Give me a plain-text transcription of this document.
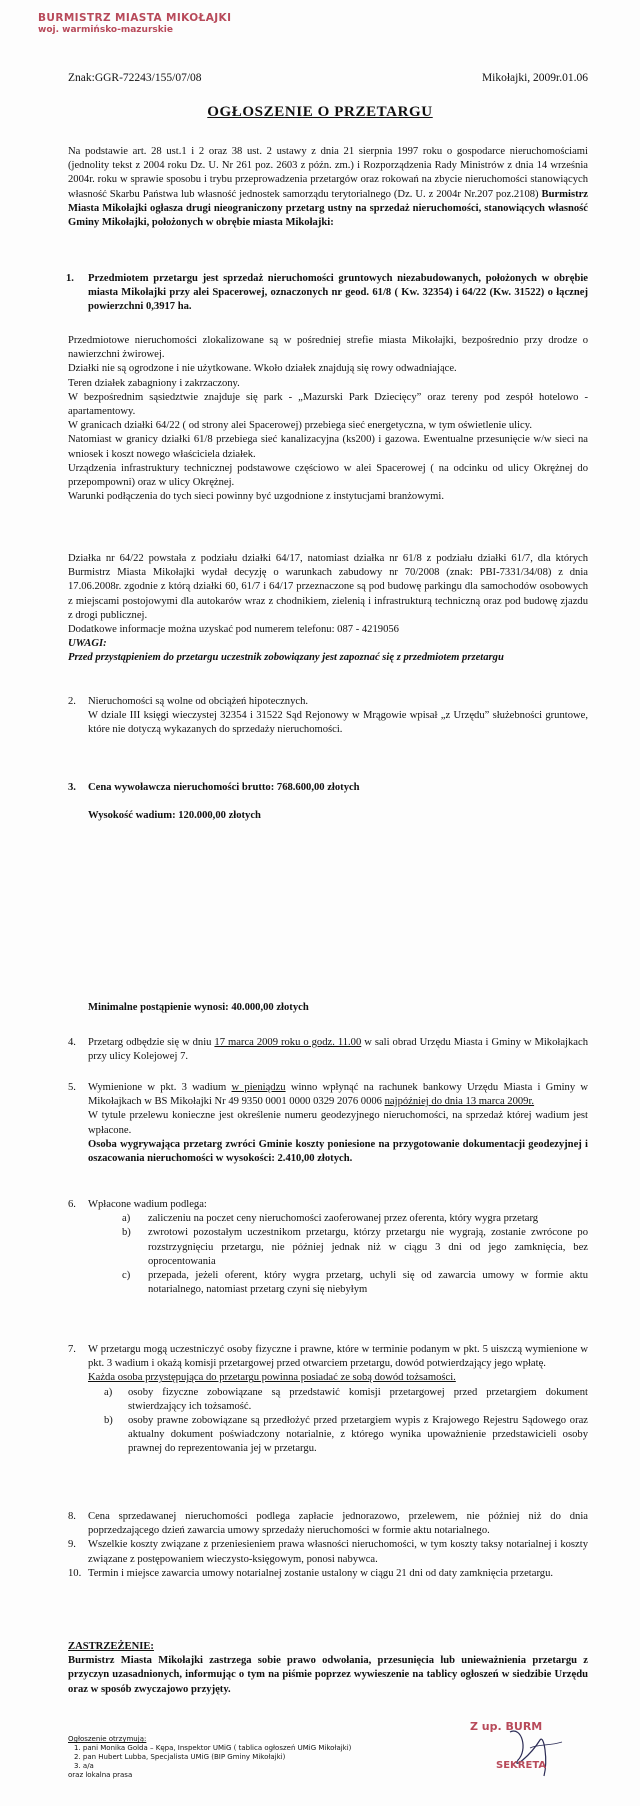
BURMISTRZ MIASTA MIKOŁAJKI
woj. warmińsko-mazurskie
Znak:GGR-72243/155/07/08	Mikołajki, 2009r.01.06
OGŁOSZENIE O PRZETARGU

Na podstawie art. 28 ust.1 i 2 oraz 38 ust. 2 ustawy z dnia 21 sierpnia 1997 roku o gospodarce nieruchomościami (jednolity tekst z 2004 roku Dz. U. Nr 261 poz. 2603 z późn. zm.) i Rozporządzenia Rady Ministrów z dnia 14 września 2004r. roku w sprawie sposobu i trybu przeprowadzenia przetargów oraz rokowań na zbycie nieruchomości stanowiących własność Skarbu Państwa lub własność jednostek samorządu terytorialnego (Dz. U. z 2004r Nr.207 poz.2108) Burmistrz Miasta Mikołajki ogłasza drugi nieograniczony przetarg ustny na sprzedaż nieruchomości, stanowiących własność Gminy Mikołajki, położonych w obrębie miasta Mikołajki:

1.	Przedmiotem przetargu jest sprzedaż nieruchomości gruntowych niezabudowanych, położonych w obrębie miasta Mikołajki przy alei Spacerowej, oznaczonych nr geod. 61/8 ( Kw. 32354) i 64/22 (Kw. 31522) o łącznej powierzchni 0,3917 ha.

Przedmiotowe nieruchomości zlokalizowane są w pośredniej strefie miasta Mikołajki, bezpośrednio przy drodze o nawierzchni żwirowej.
Działki nie są ogrodzone i nie użytkowane. Wkoło działek znajdują się rowy odwadniające.
Teren działek zabagniony i zakrzaczony.
W bezpośrednim sąsiedztwie znajduje się park - „Mazurski Park Dziecięcy” oraz tereny pod zespół hotelowo - apartamentowy.
W granicach działki 64/22 ( od strony alei Spacerowej) przebiega sieć energetyczna, w tym oświetlenie ulicy.
Natomiast w granicy działki 61/8 przebiega sieć kanalizacyjna (ks200) i gazowa. Ewentualne przesunięcie w/w sieci na wniosek i koszt nowego właściciela działek.
Urządzenia infrastruktury technicznej podstawowe częściowo w alei Spacerowej ( na odcinku od ulicy Okrężnej do przepompowni) oraz w ulicy Okrężnej.
Warunki podłączenia do tych sieci powinny być uzgodnione z instytucjami branżowymi.
Działka nr 64/22 powstała z podziału działki 64/17, natomiast działka nr 61/8 z podziału działki 61/7, dla których Burmistrz Miasta Mikołajki wydał decyzję o warunkach zabudowy nr 70/2008 (znak: PBI-7331/34/08) z dnia 17.06.2008r. zgodnie z którą działki 60, 61/7 i 64/17 przeznaczone są pod budowę parkingu dla samochodów osobowych z miejscami postojowymi dla autokarów wraz z chodnikiem, zielenią i infrastrukturą techniczną oraz pod budowę zjazdu z drogi publicznej.
Dodatkowe informacje można uzyskać pod numerem telefonu: 087 - 4219056
UWAGI:
Przed przystąpieniem do przetargu uczestnik zobowiązany jest zapoznać się z przedmiotem przetargu
2. Nieruchomości są wolne od obciążeń hipotecznych.
W dziale III księgi wieczystej 32354 i 31522 Sąd Rejonowy w Mrągowie wpisał „z Urzędu” służebności gruntowe, które nie dotyczą wykazanych do sprzedaży nieruchomości.
3. Cena wywoławcza nieruchomości brutto: 768.600,00 złotych
Wysokość wadium: 120.000,00 złotych
Minimalne postąpienie wynosi: 40.000,00 złotych
4. Przetarg odbędzie się w dniu 17 marca 2009 roku o godz. 11.00 w sali obrad Urzędu Miasta i Gminy w Mikołajkach przy ulicy Kolejowej 7.
5. Wymienione w pkt. 3 wadium w pieniądzu winno wpłynąć na rachunek bankowy Urzędu Miasta i Gminy w Mikołajkach w BS Mikołajki Nr 49 9350 0001 0000 0329 2076 0006 najpóźniej do dnia 13 marca 2009r.
W tytule przelewu konieczne jest określenie numeru geodezyjnego nieruchomości, na sprzedaż której wadium jest wpłacone.
Osoba wygrywająca przetarg zwróci Gminie koszty poniesione na przygotowanie dokumentacji geodezyjnej i oszacowania nieruchomości w wysokości: 2.410,00 złotych.
6. Wpłacone wadium podlega:
a) zaliczeniu na poczet ceny nieruchomości zaoferowanej przez oferenta, który wygra przetarg
b) zwrotowi pozostałym uczestnikom przetargu, którzy przetargu nie wygrają, zostanie zwrócone po rozstrzygnięciu przetargu, nie później jednak niż w ciągu 3 dni od jego zamknięcia, bez oprocentowania
c) przepada, jeżeli oferent, który wygra przetarg, uchyli się od zawarcia umowy w formie aktu notarialnego, natomiast przetarg czyni się niebyłym
7. W przetargu mogą uczestniczyć osoby fizyczne i prawne, które w terminie podanym w pkt. 5 uiszczą wymienione w pkt. 3 wadium i okażą komisji przetargowej przed otwarciem przetargu, dowód potwierdzający jego wpłatę.
Każda osoba przystępująca do przetargu powinna posiadać ze sobą dowód tożsamości.
a) osoby fizyczne zobowiązane są przedstawić komisji przetargowej przed przetargiem dokument stwierdzający ich tożsamość.
b) osoby prawne zobowiązane są przedłożyć przed przetargiem wypis z Krajowego Rejestru Sądowego oraz aktualny dokument poświadczony notarialnie, z którego wynika upoważnienie przedstawicieli osoby prawnej do reprezentowania jej w przetargu.
8. Cena sprzedawanej nieruchomości podlega zapłacie jednorazowo, przelewem, nie później niż do dnia poprzedzającego dzień zawarcia umowy sprzedaży nieruchomości w formie aktu notarialnego.
9. Wszelkie koszty związane z przeniesieniem prawa własności nieruchomości, w tym koszty taksy notarialnej i koszty związane z postępowaniem wieczysto-księgowym, ponosi nabywca.
10. Termin i miejsce zawarcia umowy notarialnej zostanie ustalony w ciągu 21 dni od daty zamknięcia przetargu.
ZASTRZEŻENIE:
Burmistrz Miasta Mikołajki zastrzega sobie prawo odwołania, przesunięcia lub unieważnienia przetargu z przyczyn uzasadnionych, informując o tym na piśmie poprzez wywieszenie na tablicy ogłoszeń w siedzibie Urzędu oraz w sposób zwyczajowo przyjęty.
Ogłoszenie otrzymują:
1. pani Monika Golda – Kępa, Inspektor UMiG ( tablica ogłoszeń UMiG Mikołajki)
2. pan Hubert Lubba, Specjalista UMiG (BIP Gminy Mikołajki)
3. a/a
oraz lokalna prasa
Z up. BURM
SEKRETA
